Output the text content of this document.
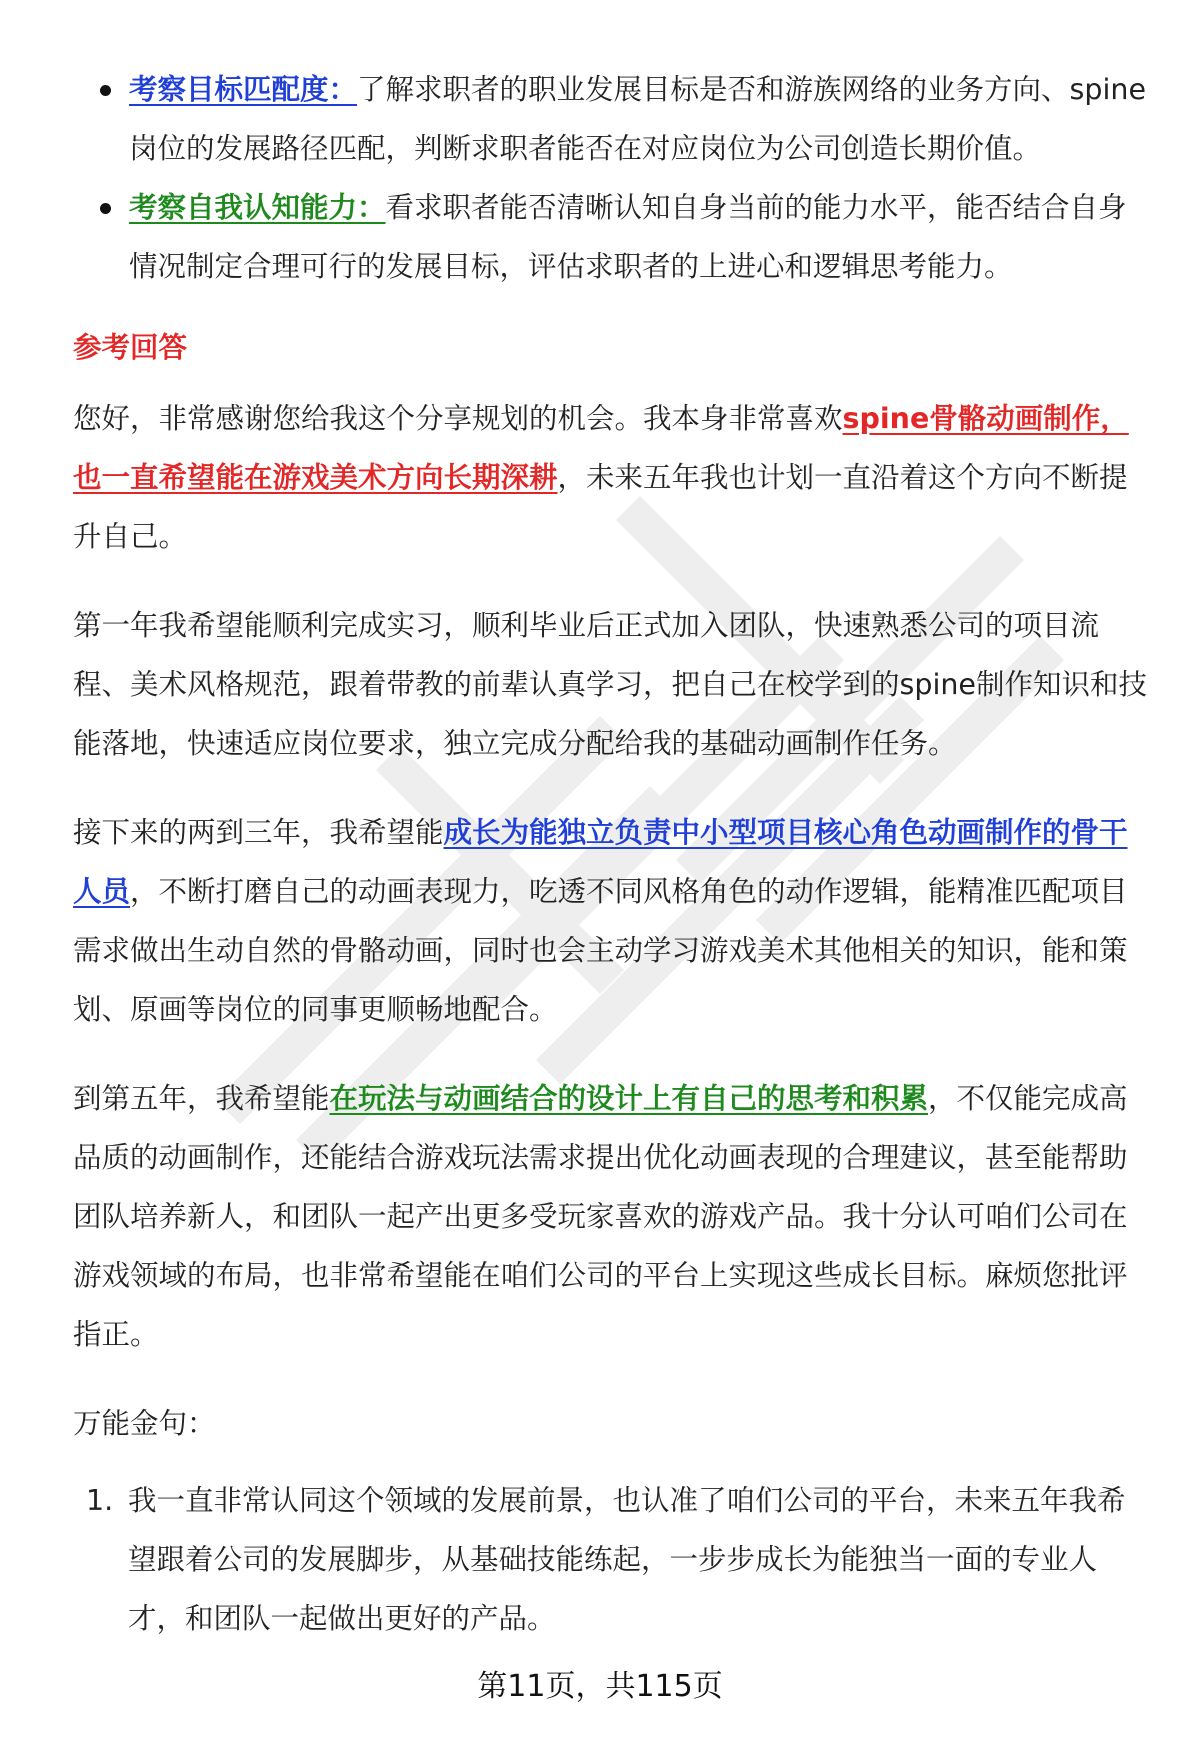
考察目标匹配度：了解求职者的职业发展目标是否和游族网络的业务方向、spine岗位的发展路径匹配，判断求职者能否在对应岗位为公司创造长期价值。
考察自我认知能力：看求职者能否清晰认知自身当前的能力水平，能否结合自身情况制定合理可行的发展目标，评估求职者的上进心和逻辑思考能力。
参考回答

您好，非常感谢您给我这个分享规划的机会。我本身非常喜欢spine骨骼动画制作，也一直希望能在游戏美术方向长期深耕，未来五年我也计划一直沿着这个方向不断提升自己。

第一年我希望能顺利完成实习，顺利毕业后正式加入团队，快速熟悉公司的项目流程、美术风格规范，跟着带教的前辈认真学习，把自己在校学到的spine制作知识和技能落地，快速适应岗位要求，独立完成分配给我的基础动画制作任务。

接下来的两到三年，我希望能成长为能独立负责中小型项目核心角色动画制作的骨干人员，不断打磨自己的动画表现力，吃透不同风格角色的动作逻辑，能精准匹配项目需求做出生动自然的骨骼动画，同时也会主动学习游戏美术其他相关的知识，能和策划、原画等岗位的同事更顺畅地配合。

到第五年，我希望能在玩法与动画结合的设计上有自己的思考和积累，不仅能完成高品质的动画制作，还能结合游戏玩法需求提出优化动画表现的合理建议，甚至能帮助团队培养新人，和团队一起产出更多受玩家喜欢的游戏产品。我十分认可咱们公司在游戏领域的布局，也非常希望能在咱们公司的平台上实现这些成长目标。麻烦您批评指正。

万能金句：

1. 我一直非常认同这个领域的发展前景，也认准了咱们公司的平台，未来五年我希望跟着公司的发展脚步，从基础技能练起，一步步成长为能独当一面的专业人才，和团队一起做出更好的产品。
第11页，共115页
